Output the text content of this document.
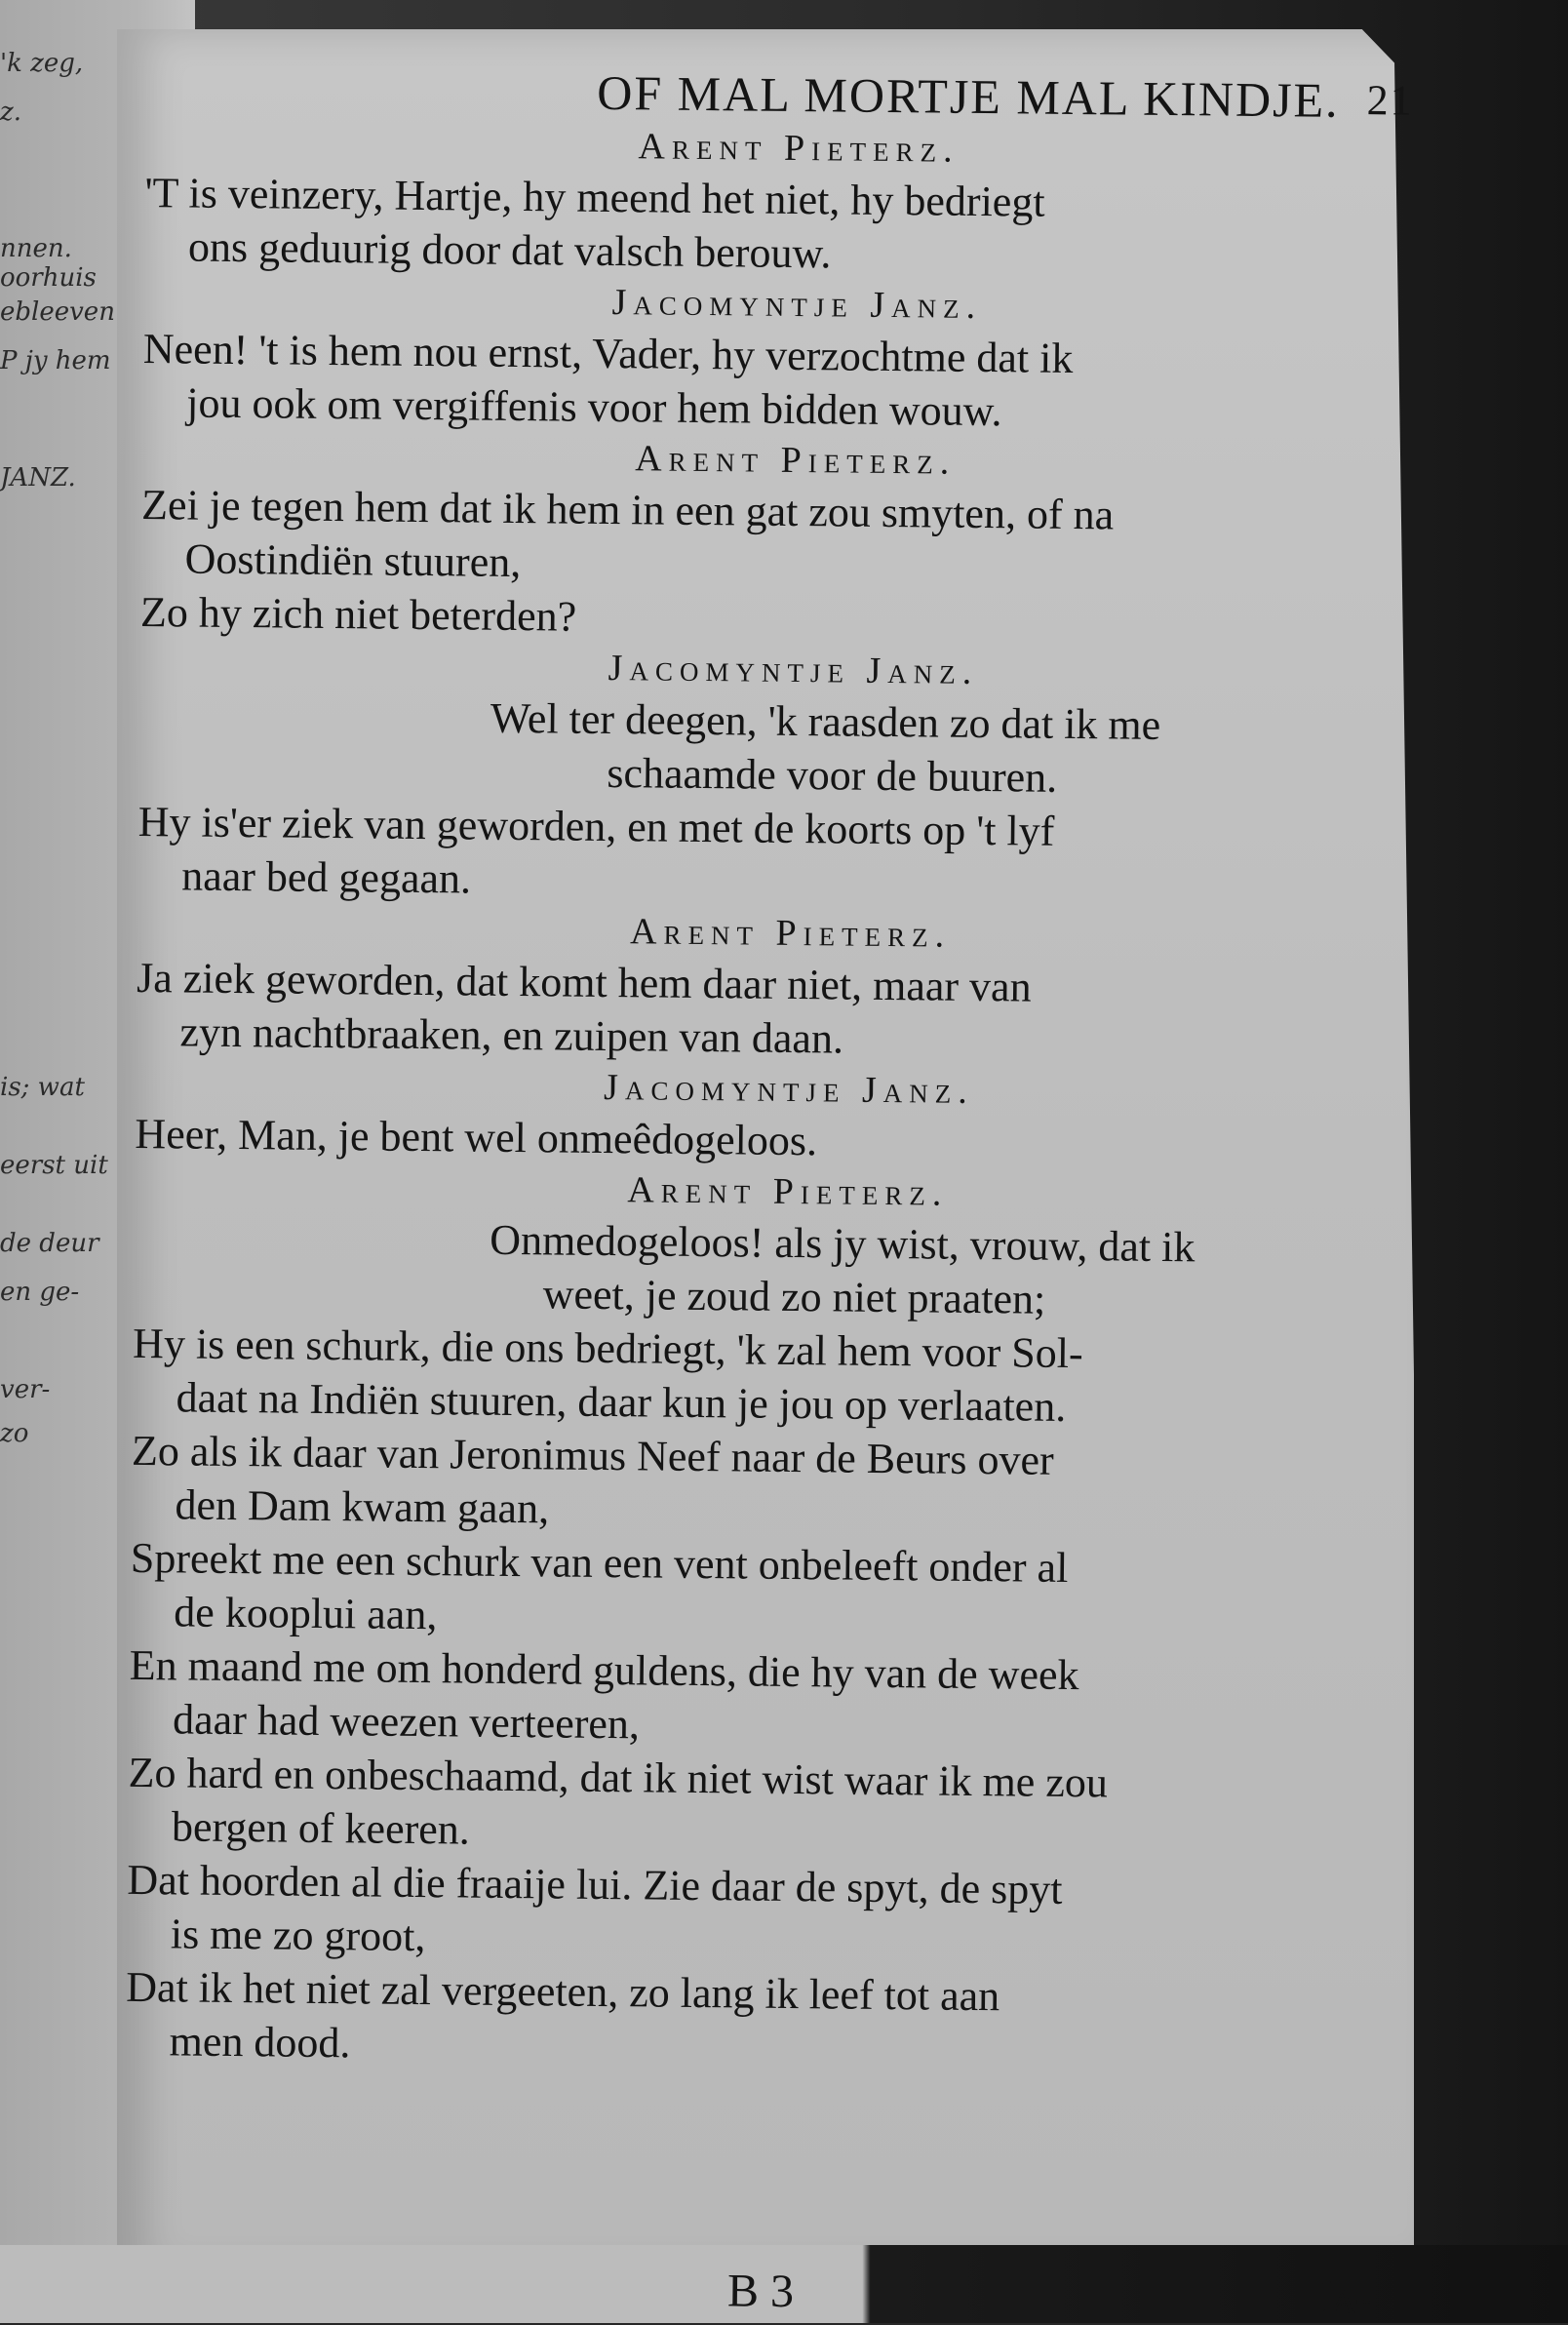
'k zeg,
z.
nnen.
oorhuis
ebleeven
P jy hem
JANZ.
is; wat
eerst uit
de deur
en ge-
ver-
zo
OF MAL MORTJE MAL KINDJE. 21
Arent Pieterz.
'T is veinzery, Hartje, hy meend het niet, hy bedriegt
ons geduurig door dat valsch berouw.
Jacomyntje Janz.
Neen! 't is hem nou ernst, Vader, hy verzochtme dat ik
jou ook om vergiffenis voor hem bidden wouw.
Arent Pieterz.
Zei je tegen hem dat ik hem in een gat zou smyten, of na
Oostindiën stuuren,
Zo hy zich niet beterden?
Jacomyntje Janz.
Wel ter deegen, 'k raasden zo dat ik me
schaamde voor de buuren.
Hy is'er ziek van geworden, en met de koorts op 't lyf
naar bed gegaan.
Arent Pieterz.
Ja ziek geworden, dat komt hem daar niet, maar van
zyn nachtbraaken, en zuipen van daan.
Jacomyntje Janz.
Heer, Man, je bent wel onmeêdogeloos.
Arent Pieterz.
Onmedogeloos! als jy wist, vrouw, dat ik
weet, je zoud zo niet praaten;
Hy is een schurk, die ons bedriegt, 'k zal hem voor Sol-
daat na Indiën stuuren, daar kun je jou op verlaaten.
Zo als ik daar van Jeronimus Neef naar de Beurs over
den Dam kwam gaan,
Spreekt me een schurk van een vent onbeleeft onder al
de kooplui aan,
En maand me om honderd guldens, die hy van de week
daar had weezen verteeren,
Zo hard en onbeschaamd, dat ik niet wist waar ik me zou
bergen of keeren.
Dat hoorden al die fraaije lui. Zie daar de spyt, de spyt
is me zo groot,
Dat ik het niet zal vergeeten, zo lang ik leef tot aan
men dood.
B 3	Ja-
